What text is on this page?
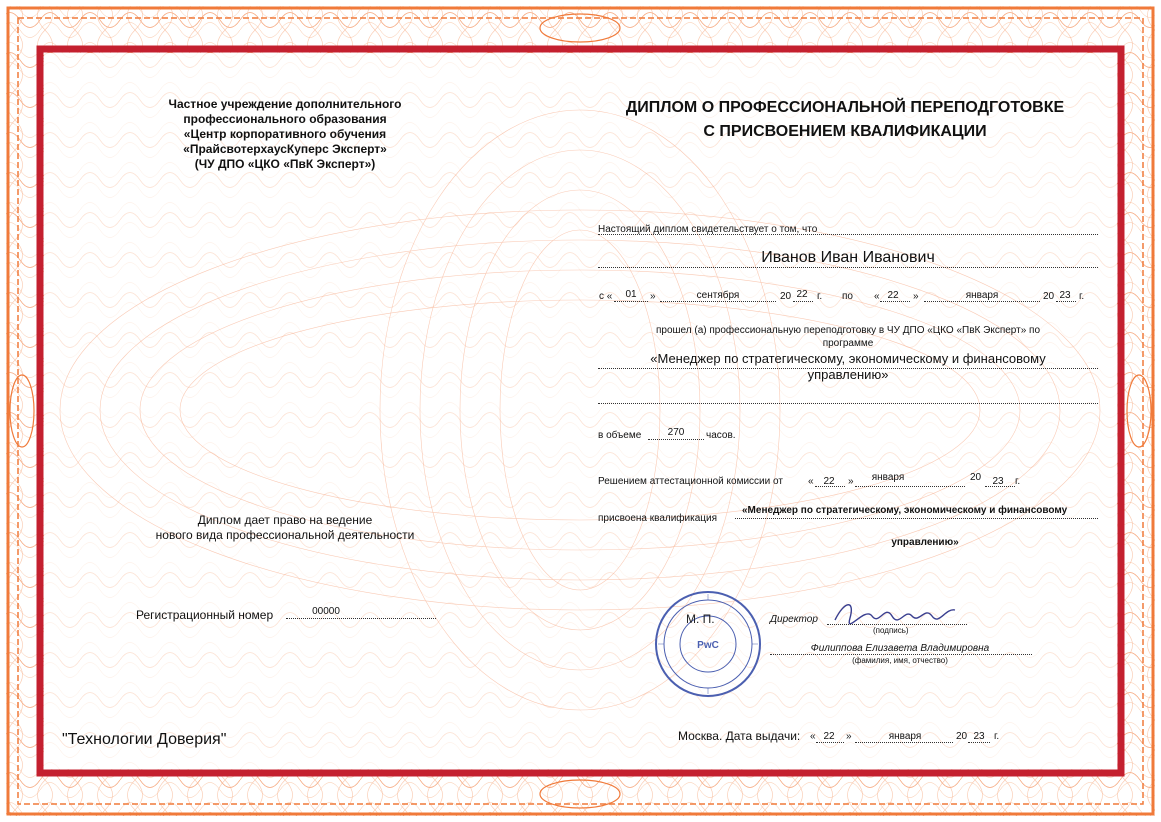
Частное учреждение дополнительного
профессионального образования
«Центр корпоративного обучения
«ПрайсвотерхаусКуперс Эксперт»
(ЧУ ДПО «ЦКО «ПвК Эксперт»)
ДИПЛОМ О ПРОФЕССИОНАЛЬНОЙ ПЕРЕПОДГОТОВКЕ
С ПРИСВОЕНИЕМ КВАЛИФИКАЦИИ
Настоящий диплом свидетельствует о том, что
Иванов Иван Иванович
с «	01	»	сентября	20 22 г. по « 22	»	января	20 23 г.
прошел (а) профессиональную переподготовку в ЧУ ДПО «ЦКО «ПвК Эксперт» по
программе
«Менеджер по стратегическому, экономическому и финансовому
управлению»
в объеме	270	часов.
Решением аттестационной комиссии от	« 22	»	января	20	23	г.
присвоена квалификация
«Менеджер по стратегическому, экономическому и финансовому
управлению»
Диплом дает право на ведение
нового вида профессиональной деятельности
Регистрационный номер	00000
PwC
М. П.	Директор
(подпись)
Филиппова Елизавета Владимировна
(фамилия, имя, отчество)
Москва. Дата выдачи: « 22	»	января	20 23 г.
"Технологии Доверия"
